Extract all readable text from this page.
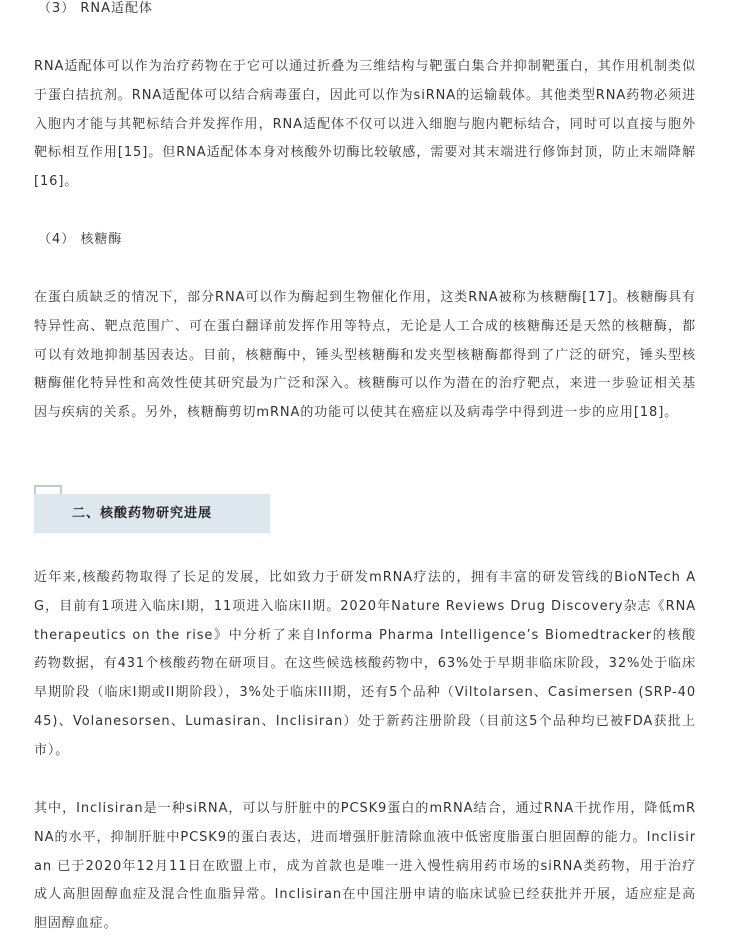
（3） RNA适配体

RNA适配体可以作为治疗药物在于它可以通过折叠为三维结构与靶蛋白集合并抑制靶蛋白，其作用机制类似于蛋白拮抗剂。RNA适配体可以结合病毒蛋白，因此可以作为siRNA的运输载体。其他类型RNA药物必须进入胞内才能与其靶标结合并发挥作用，RNA适配体不仅可以进入细胞与胞内靶标结合，同时可以直接与胞外靶标相互作用[15]。但RNA适配体本身对核酸外切酶比较敏感，需要对其末端进行修饰封顶，防止末端降解[16]。

（4） 核糖酶

在蛋白质缺乏的情况下，部分RNA可以作为酶起到生物催化作用，这类RNA被称为核糖酶[17]。核糖酶具有特异性高、靶点范围广、可在蛋白翻译前发挥作用等特点，无论是人工合成的核糖酶还是天然的核糖酶，都可以有效地抑制基因表达。目前，核糖酶中，锤头型核糖酶和发夹型核糖酶都得到了广泛的研究，锤头型核糖酶催化特异性和高效性使其研究最为广泛和深入。核糖酶可以作为潜在的治疗靶点，来进一步验证相关基因与疾病的关系。另外，核糖酶剪切mRNA的功能可以使其在癌症以及病毒学中得到进一步的应用[18]。

二、核酸药物研究进展

近年来,核酸药物取得了长足的发展，比如致力于研发mRNA疗法的，拥有丰富的研发管线的BioNTech AG，目前有1项进入临床I期，11项进入临床II期。2020年Nature Reviews Drug Discovery杂志《RNA therapeutics on the rise》中分析了来自Informa Pharma Intelligence’s Biomedtracker的核酸药物数据，有431个核酸药物在研项目。在这些候选核酸药物中，63%处于早期非临床阶段，32%处于临床早期阶段（临床I期或II期阶段），3%处于临床III期，还有5个品种（Viltolarsen、Casimersen (SRP-4045)、Volanesorsen、Lumasiran、Inclisiran）处于新药注册阶段（目前这5个品种均已被FDA获批上市）。

其中，Inclisiran是一种siRNA，可以与肝脏中的PCSK9蛋白的mRNA结合，通过RNA干扰作用，降低mRNA的水平，抑制肝脏中PCSK9的蛋白表达，进而增强肝脏清除血液中低密度脂蛋白胆固醇的能力。Inclisiran 已于2020年12月11日在欧盟上市，成为首款也是唯一进入慢性病用药市场的siRNA类药物，用于治疗成人高胆固醇血症及混合性血脂异常。Inclisiran在中国注册申请的临床试验已经获批并开展，适应症是高胆固醇血症。
